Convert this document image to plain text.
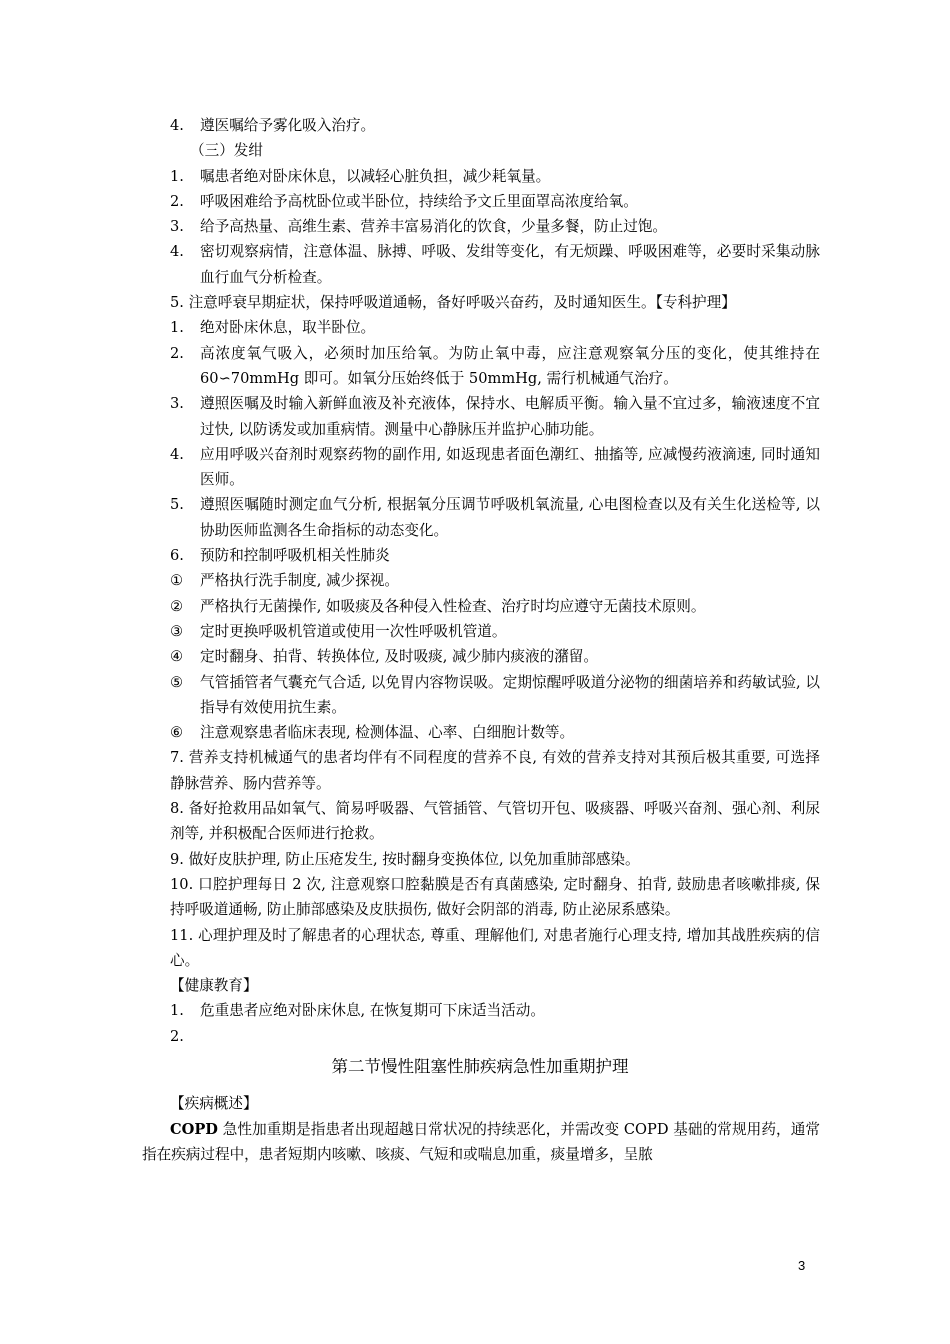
4.	遵医嘱给予雾化吸入治疗。
（三）发绀
1.	嘱患者绝对卧床休息，以减轻心脏负担，减少耗氧量。
2.	呼吸困难给予高枕卧位或半卧位，持续给予文丘里面罩高浓度给氧。
3.	给予高热量、高维生素、营养丰富易消化的饮食，少量多餐，防止过饱。
4.	密切观察病情，注意体温、脉搏、呼吸、发绀等变化，有无烦躁、呼吸困难等，必要时采集动脉血行血气分析检查。
5. 注意呼衰早期症状，保持呼吸道通畅，备好呼吸兴奋药，及时通知医生。【专科护理】
1.	绝对卧床休息，取半卧位。
2.	高浓度氧气吸入，必须时加压给氧。为防止氧中毒，应注意观察氧分压的变化，使其维持在 60∽70mmHg 即可。如氧分压始终低于 50mmHg, 需行机械通气治疗。
3.	遵照医嘱及时输入新鲜血液及补充液体，保持水、电解质平衡。输入量不宜过多，输液速度不宜过快, 以防诱发或加重病情。测量中心静脉压并监护心肺功能。
4.	应用呼吸兴奋剂时观察药物的副作用, 如返现患者面色潮红、抽搐等, 应减慢药液滴速, 同时通知医师。
5.	遵照医嘱随时测定血气分析, 根据氧分压调节呼吸机氧流量, 心电图检查以及有关生化送检等, 以协助医师监测各生命指标的动态变化。
6.	预防和控制呼吸机相关性肺炎
①	严格执行洗手制度, 减少探视。
②	严格执行无菌操作, 如吸痰及各种侵入性检查、治疗时均应遵守无菌技术原则。
③	定时更换呼吸机管道或使用一次性呼吸机管道。
④	定时翻身、拍背、转换体位, 及时吸痰, 减少肺内痰液的潴留。
⑤	气管插管者气囊充气合适, 以免胃内容物误吸。定期惊醒呼吸道分泌物的细菌培养和药敏试验, 以指导有效使用抗生素。
⑥	注意观察患者临床表现, 检测体温、心率、白细胞计数等。
7. 营养支持机械通气的患者均伴有不同程度的营养不良, 有效的营养支持对其预后极其重要, 可选择静脉营养、肠内营养等。
8. 备好抢救用品如氧气、简易呼吸器、气管插管、气管切开包、吸痰器、呼吸兴奋剂、强心剂、利尿剂等, 并积极配合医师进行抢救。
9. 做好皮肤护理, 防止压疮发生, 按时翻身变换体位, 以免加重肺部感染。
10. 口腔护理每日 2 次, 注意观察口腔黏膜是否有真菌感染, 定时翻身、拍背, 鼓励患者咳嗽排痰, 保持呼吸道通畅, 防止肺部感染及皮肤损伤, 做好会阴部的消毒, 防止泌尿系感染。
11. 心理护理及时了解患者的心理状态, 尊重、理解他们, 对患者施行心理支持, 增加其战胜疾病的信心。
【健康教育】
1.	危重患者应绝对卧床休息, 在恢复期可下床适当活动。
2.
第二节慢性阻塞性肺疾病急性加重期护理
【疾病概述】
COPD 急性加重期是指患者出现超越日常状况的持续恶化，并需改变 COPD 基础的常规用药，通常指在疾病过程中，患者短期内咳嗽、咳痰、气短和或喘息加重，痰量增多，呈脓
3
